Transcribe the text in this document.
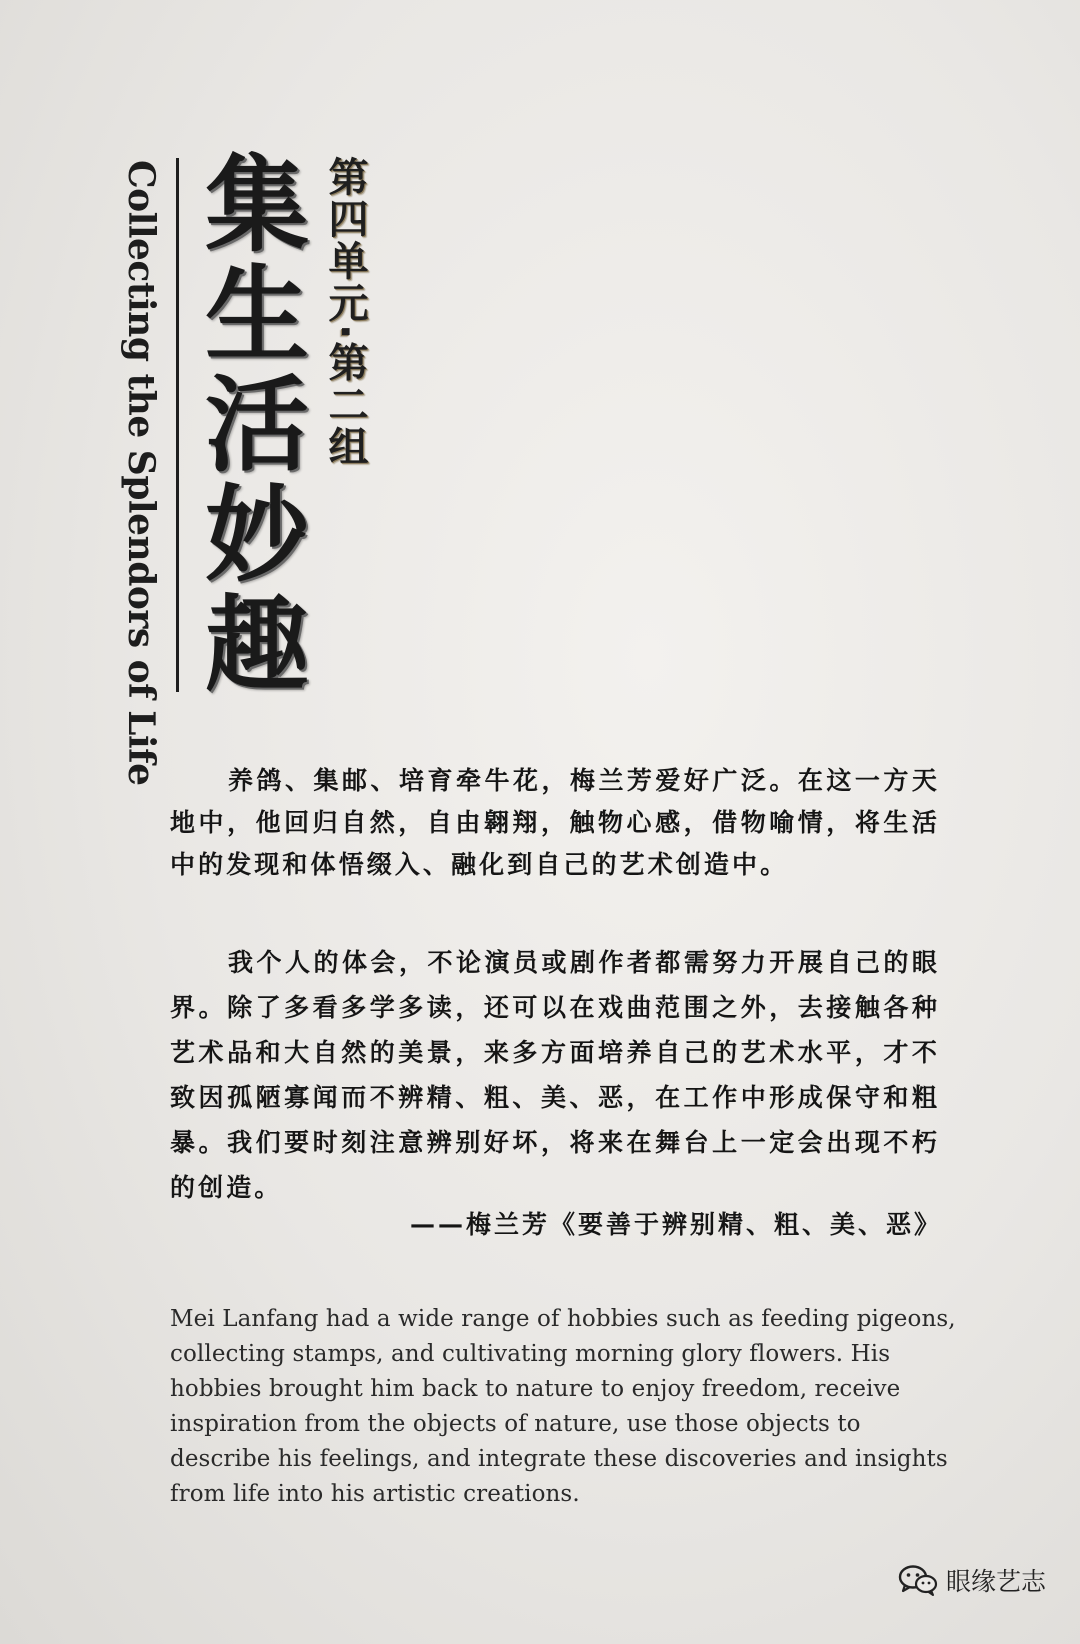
Collecting the Splendors of Life 集生活妙趣
第四单元·第二组

养鸽、集邮、培育牵牛花，梅兰芳爱好广泛。在这一方天地中，他回归自然，自由翱翔，触物心感，借物喻情，将生活中的发现和体悟缀入、融化到自己的艺术创造中。

我个人的体会，不论演员或剧作者都需努力开展自己的眼界。除了多看多学多读，还可以在戏曲范围之外，去接触各种艺术品和大自然的美景，来多方面培养自己的艺术水平，才不致因孤陋寡闻而不辨精、粗、美、恶，在工作中形成保守和粗暴。我们要时刻注意辨别好坏，将来在舞台上一定会出现不朽的创造。

——梅兰芳《要善于辨别精、粗、美、恶》

Mei Lanfang had a wide range of hobbies such as feeding pigeons, collecting stamps, and cultivating morning glory flowers. His hobbies brought him back to nature to enjoy freedom, receive inspiration from the objects of nature, use those objects to describe his feelings, and integrate these discoveries and insights from life into his artistic creations.

眼缘艺志
